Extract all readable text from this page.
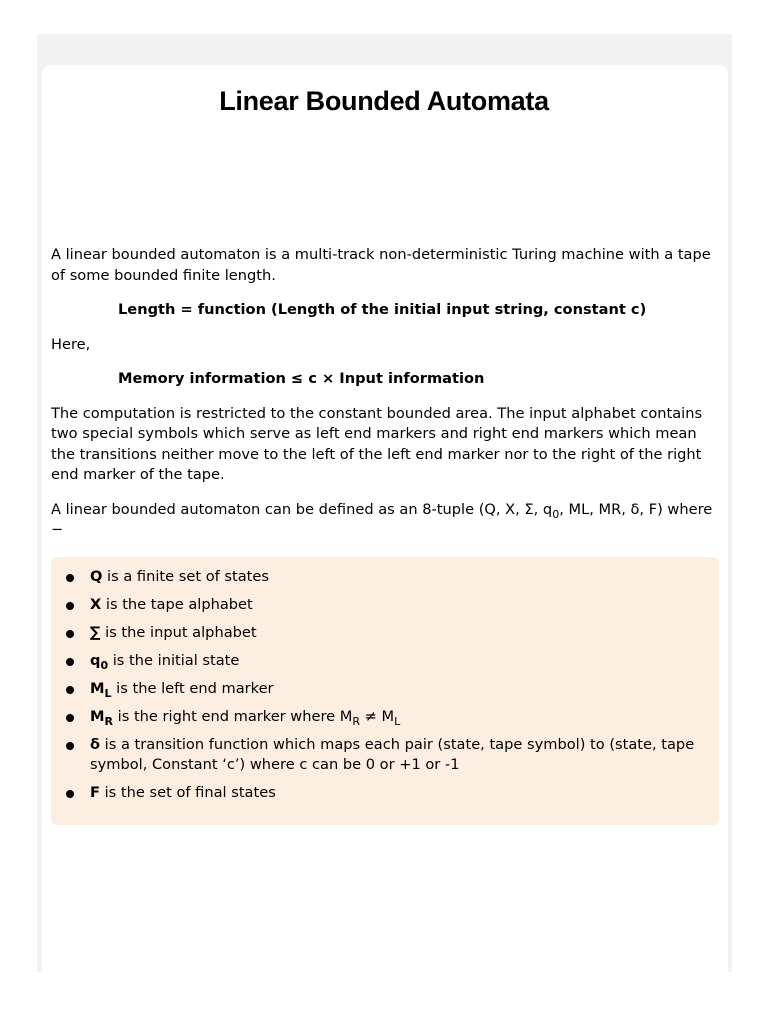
Linear Bounded Automata

A linear bounded automaton is a multi-track non-deterministic Turing machine with a tape of some bounded finite length.

Length = function (Length of the initial input string, constant c)

Here,

Memory information ≤ c × Input information

The computation is restricted to the constant bounded area. The input alphabet contains two special symbols which serve as left end markers and right end markers which mean the transitions neither move to the left of the left end marker nor to the right of the right end marker of the tape.

A linear bounded automaton can be defined as an 8-tuple (Q, X, Σ, $q_0$, ML, MR, δ, F) where −

Q is a finite set of states
X is the tape alphabet
∑ is the input alphabet
$q_0$ is the initial state
$M_L$ is the left end marker
$M_R$ is the right end marker where $M_R \ne M_L$
δ is a transition function which maps each pair (state, tape symbol) to (state, tape symbol, Constant ‘c’) where c can be 0 or +1 or -1
F is the set of final states
